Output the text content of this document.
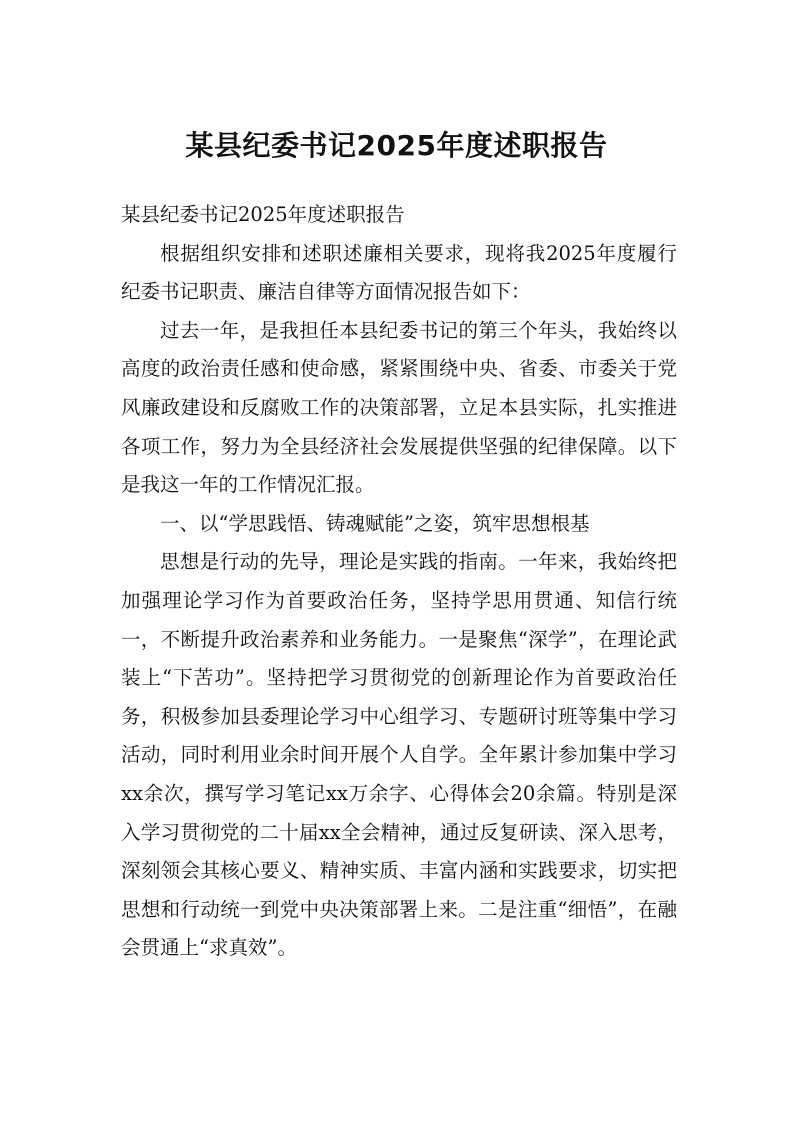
某县纪委书记2025年度述职报告

某县纪委书记2025年度述职报告

根据组织安排和述职述廉相关要求，现将我2025年度履行纪委书记职责、廉洁自律等方面情况报告如下：

过去一年，是我担任本县纪委书记的第三个年头，我始终以高度的政治责任感和使命感，紧紧围绕中央、省委、市委关于党风廉政建设和反腐败工作的决策部署，立足本县实际，扎实推进各项工作，努力为全县经济社会发展提供坚强的纪律保障。以下是我这一年的工作情况汇报。

一、以“学思践悟、铸魂赋能”之姿，筑牢思想根基

思想是行动的先导，理论是实践的指南。一年来，我始终把加强理论学习作为首要政治任务，坚持学思用贯通、知信行统一，不断提升政治素养和业务能力。一是聚焦“深学”，在理论武装上“下苦功”。坚持把学习贯彻党的创新理论作为首要政治任务，积极参加县委理论学习中心组学习、专题研讨班等集中学习活动，同时利用业余时间开展个人自学。全年累计参加集中学习xx余次，撰写学习笔记xx万余字、心得体会20余篇。特别是深入学习贯彻党的二十届xx全会精神，通过反复研读、深入思考，深刻领会其核心要义、精神实质、丰富内涵和实践要求，切实把思想和行动统一到党中央决策部署上来。二是注重“细悟”，在融会贯通上“求真效”。
